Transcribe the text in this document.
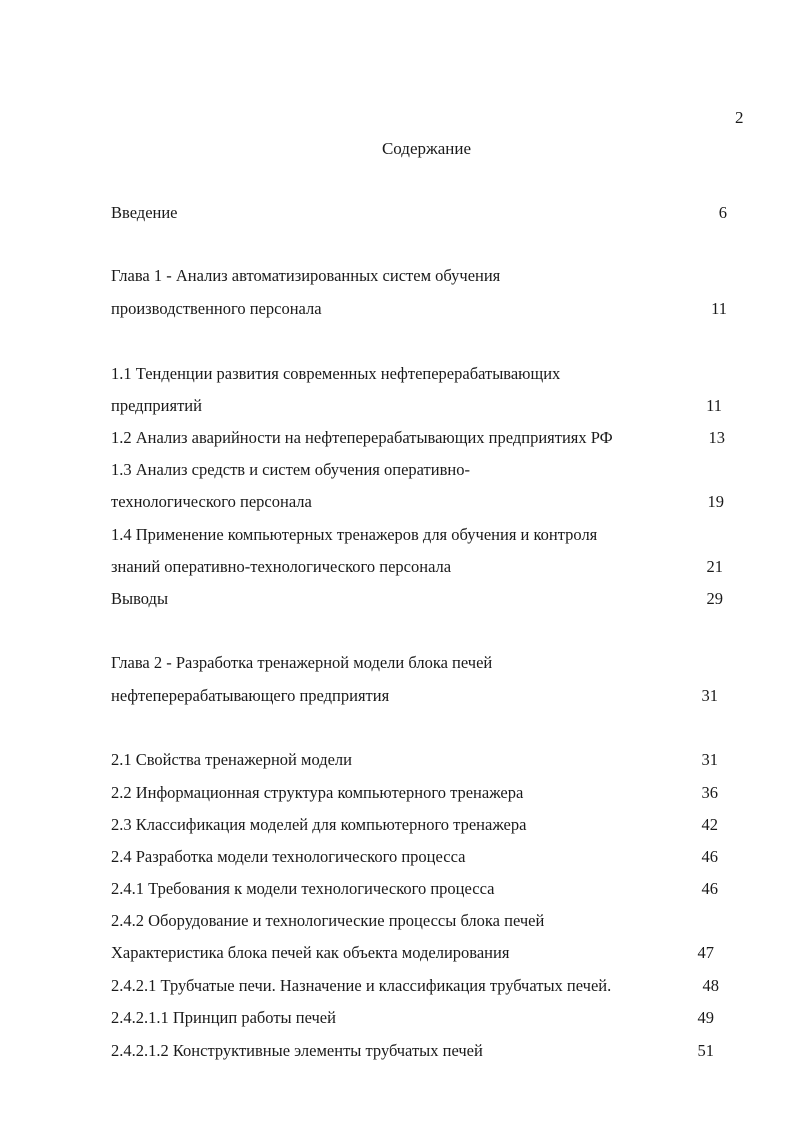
2
Содержание
Введение	6
Глава 1 - Анализ автоматизированных систем обучения
производственного персонала	11
1.1 Тенденции развития современных нефтеперерабатывающих
предприятий	11
1.2 Анализ аварийности на нефтеперерабатывающих предприятиях РФ	13
1.3 Анализ средств и систем обучения оперативно-
технологического персонала	19
1.4 Применение компьютерных тренажеров для обучения и контроля
знаний оперативно-технологического персонала	21
Выводы	29
Глава 2 - Разработка тренажерной модели блока печей
нефтеперерабатывающего предприятия	31
2.1 Свойства тренажерной модели	31
2.2 Информационная структура компьютерного тренажера	36
2.3 Классификация моделей для компьютерного тренажера	42
2.4 Разработка модели технологического процесса	46
2.4.1 Требования к модели технологического процесса	46
2.4.2 Оборудование и технологические процессы блока печей
Характеристика блока печей как объекта моделирования	47
2.4.2.1 Трубчатые печи. Назначение и классификация трубчатых печей.	48
2.4.2.1.1 Принцип работы печей	49
2.4.2.1.2 Конструктивные элементы трубчатых печей	51
